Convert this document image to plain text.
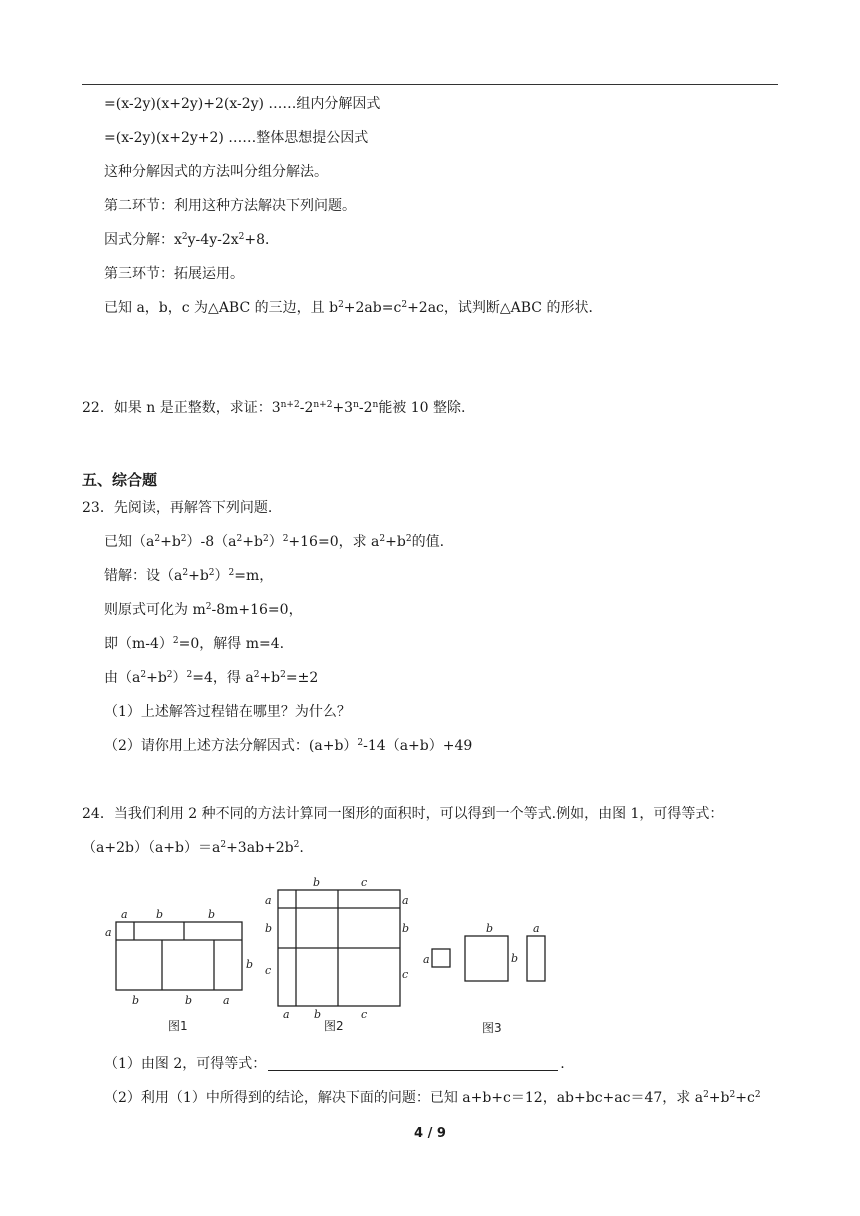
=(x-2y)(x+2y)+2(x-2y) ……组内分解因式
=(x-2y)(x+2y+2) ……整体思想提公因式
这种分解因式的方法叫分组分解法。
第二环节：利用这种方法解决下列问题。
因式分解：$x^2y-4y-2x^2+8$．
第三环节：拓展运用。
已知 a，b，c 为△ABC 的三边，且 $b^2+2ab=c^2+2ac$，试判断△ABC 的形状．
22．如果 n 是正整数，求证：$3^{n+2}-2^{n+2}+3^n-2^n$能被 10 整除.
五、综合题
23．先阅读，再解答下列问题.
已知$(a^2+b^2)-8(a^2+b^2)^2+16=0$，求 $a^2+b^2$的值.
错解：设$(a^2+b^2)^2=m$，
则原式可化为 $m^2-8m+16=0$，
即$(m-4)^2=0$，解得 m=4.
由$(a^2+b^2)^2=4$，得 $a^2+b^2=\pm 2$
（1）上述解答过程错在哪里？为什么？
（2）请你用上述方法分解因式：(a+b）$^2$-14（a+b）+49
24．当我们利用 2 种不同的方法计算同一图形的面积时，可以得到一个等式.例如，由图 1，可得等式：
$(a+2b)(a+b)=a^2+3ab+2b^2$.
a	b	b
a
b
b	b	a
图1
b	c
a
b
c
a
b
c
a b	c
图2
a
b
b
a
图3
（1）由图 2，可得等式：	.
（2）利用（1）中所得到的结论，解决下面的问题：已知 a+b+c＝12，ab+bc+ac＝47，求 $a^2+b^2+c^2$
4 / 9
